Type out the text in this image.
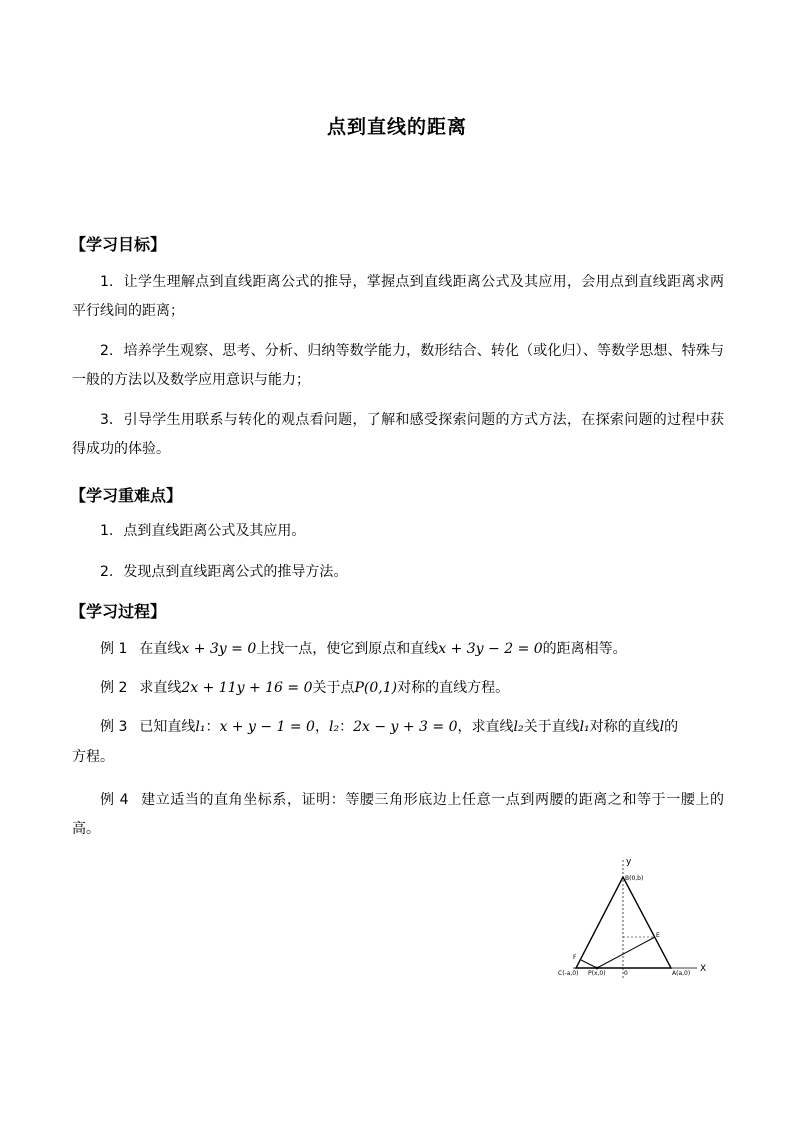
点到直线的距离
【学习目标】
1. 让学生理解点到直线距离公式的推导，掌握点到直线距离公式及其应用，会用点到直线距离求两平行线间的距离；
2. 培养学生观察、思考、分析、归纳等数学能力，数形结合、转化（或化归）、等数学思想、特殊与一般的方法以及数学应用意识与能力；
3. 引导学生用联系与转化的观点看问题，了解和感受探索问题的方式方法，在探索问题的过程中获得成功的体验。
【学习重难点】
1. 点到直线距离公式及其应用。
2. 发现点到直线距离公式的推导方法。
【学习过程】
例 1 在直线x + 3y = 0上找一点，使它到原点和直线x + 3y − 2 = 0的距离相等。
例 2 求直线2x + 11y + 16 = 0关于点P(0,1)对称的直线方程。
例 3 已知直线l₁：x + y − 1 = 0，l₂：2x − y + 3 = 0，求直线l₂关于直线l₁对称的直线l的
方程。
例 4 建立适当的直角坐标系，证明：等腰三角形底边上任意一点到两腰的距离之和等于一腰上的高。
y
X
B(0,b)
C(-a,0) P(x,0)	0	A(a,0)
E
F
